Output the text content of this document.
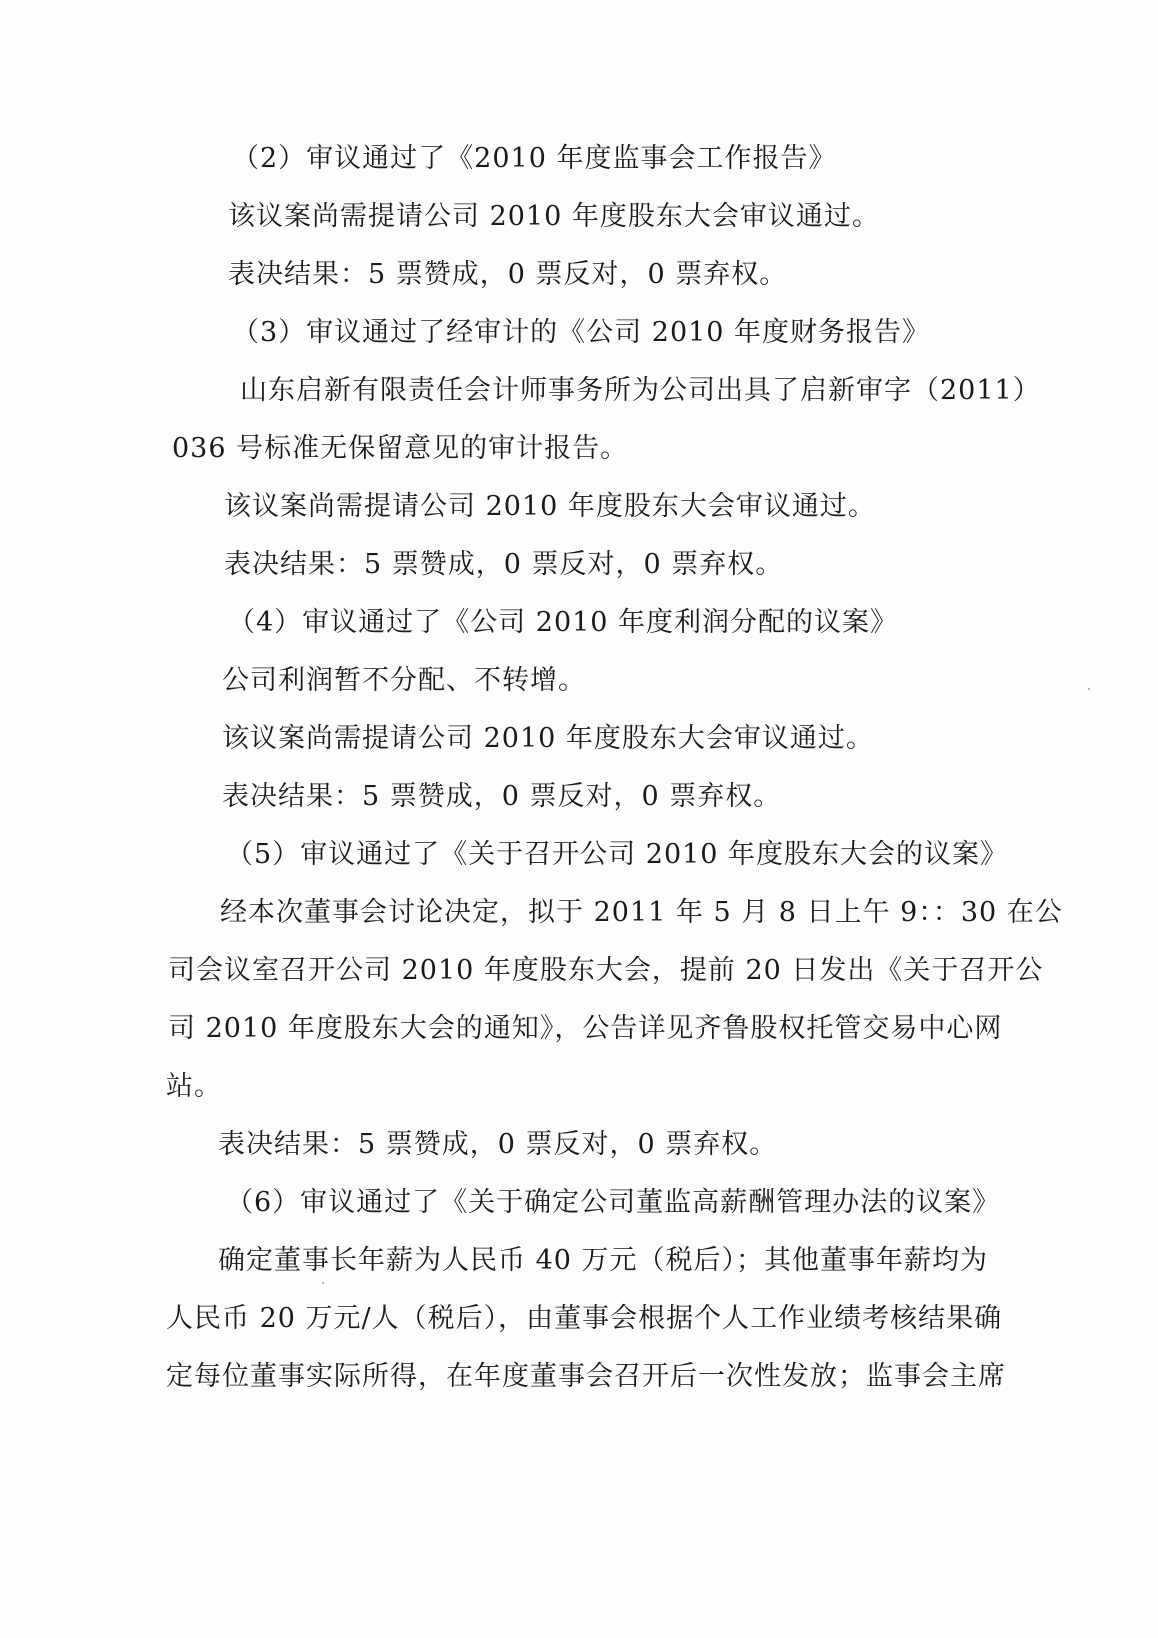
（2）审议通过了《2010 年度监事会工作报告》
该议案尚需提请公司 2010 年度股东大会审议通过。
表决结果：5 票赞成，0 票反对，0 票弃权。
（3）审议通过了经审计的《公司 2010 年度财务报告》
山东启新有限责任会计师事务所为公司出具了启新审字（2011）
036 号标准无保留意见的审计报告。
该议案尚需提请公司 2010 年度股东大会审议通过。
表决结果：5 票赞成，0 票反对，0 票弃权。
（4）审议通过了《公司 2010 年度利润分配的议案》
公司利润暂不分配、不转增。
该议案尚需提请公司 2010 年度股东大会审议通过。
表决结果：5 票赞成，0 票反对，0 票弃权。
（5）审议通过了《关于召开公司 2010 年度股东大会的议案》
经本次董事会讨论决定，拟于 2011 年 5 月 8 日上午 9：：30 在公
司会议室召开公司 2010 年度股东大会，提前 20 日发出《关于召开公
司 2010 年度股东大会的通知》，公告详见齐鲁股权托管交易中心网
站。
表决结果：5 票赞成，0 票反对，0 票弃权。
（6）审议通过了《关于确定公司董监高薪酬管理办法的议案》
确定董事长年薪为人民币 40 万元（税后）；其他董事年薪均为
人民币 20 万元/人（税后），由董事会根据个人工作业绩考核结果确
定每位董事实际所得，在年度董事会召开后一次性发放；监事会主席
